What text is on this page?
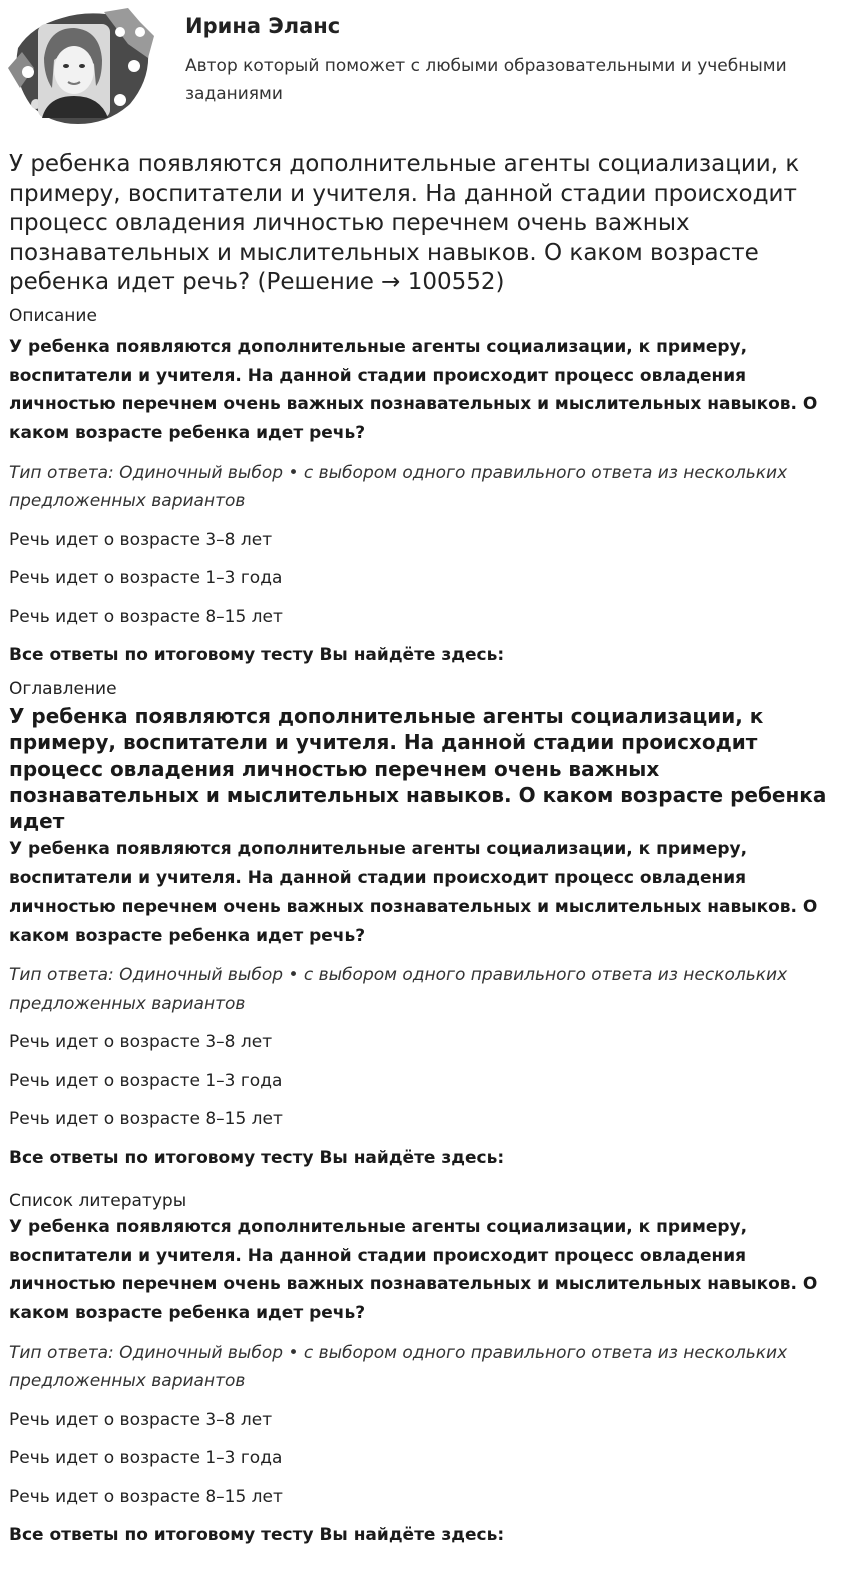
Ирина Эланс
Автор который поможет с любыми образовательными и учебными заданиями
У ребенка появляются дополнительные агенты социализации, к примеру, воспитатели и учителя. На данной стадии происходит процесс овладения личностью перечнем очень важных познавательных и мыслительных навыков. О каком возрасте ребенка идет речь? (Решение → 100552)
Описание
У ребенка появляются дополнительные агенты социализации, к примеру, воспитатели и учителя. На данной стадии происходит процесс овладения личностью перечнем очень важных познавательных и мыслительных навыков. О каком возрасте ребенка идет речь?
Тип ответа: Одиночный выбор • с выбором одного правильного ответа из нескольких предложенных вариантов
Речь идет о возрасте 3–8 лет
Речь идет о возрасте 1–3 года
Речь идет о возрасте 8–15 лет
Все ответы по итоговому тесту Вы найдёте здесь:
Оглавление
У ребенка появляются дополнительные агенты социализации, к примеру, воспитатели и учителя. На данной стадии происходит процесс овладения личностью перечнем очень важных познавательных и мыслительных навыков. О каком возрасте ребенка идет
У ребенка появляются дополнительные агенты социализации, к примеру, воспитатели и учителя. На данной стадии происходит процесс овладения личностью перечнем очень важных познавательных и мыслительных навыков. О каком возрасте ребенка идет речь?
Тип ответа: Одиночный выбор • с выбором одного правильного ответа из нескольких предложенных вариантов
Речь идет о возрасте 3–8 лет
Речь идет о возрасте 1–3 года
Речь идет о возрасте 8–15 лет
Все ответы по итоговому тесту Вы найдёте здесь:
Список литературы
У ребенка появляются дополнительные агенты социализации, к примеру, воспитатели и учителя. На данной стадии происходит процесс овладения личностью перечнем очень важных познавательных и мыслительных навыков. О каком возрасте ребенка идет речь?
Тип ответа: Одиночный выбор • с выбором одного правильного ответа из нескольких предложенных вариантов
Речь идет о возрасте 3–8 лет
Речь идет о возрасте 1–3 года
Речь идет о возрасте 8–15 лет
Все ответы по итоговому тесту Вы найдёте здесь:
